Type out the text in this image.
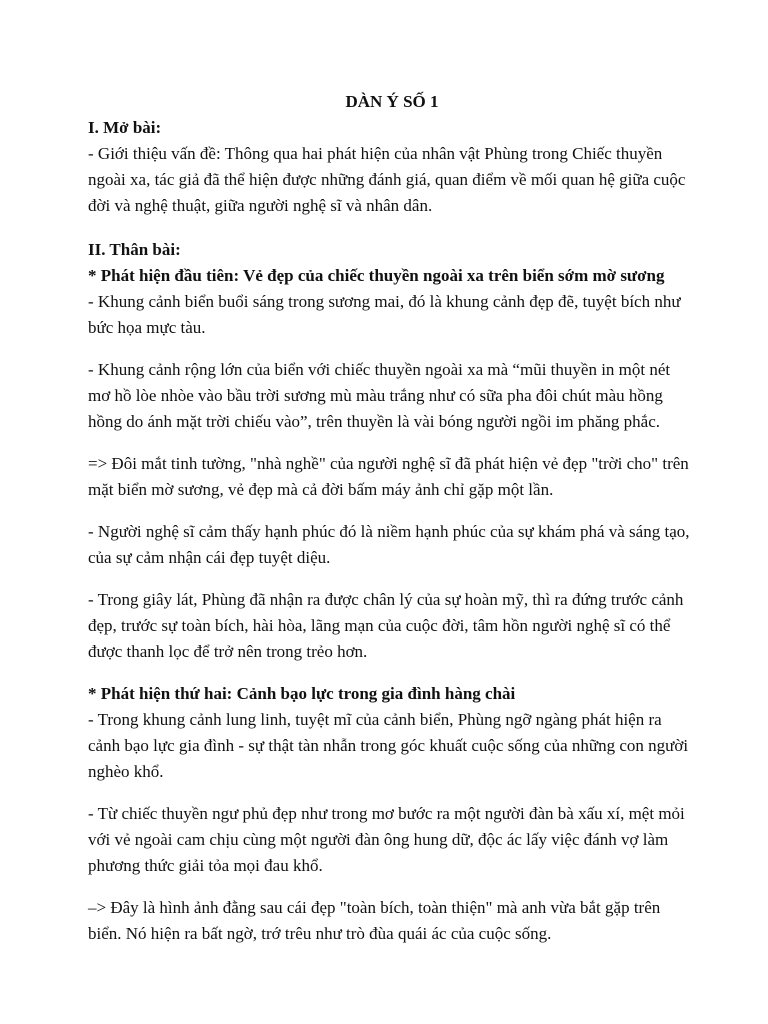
DÀN Ý SỐ 1

I. Mở bài:

- Giới thiệu vấn đề: Thông qua hai phát hiện của nhân vật Phùng trong Chiếc thuyền ngoài xa, tác giả đã thể hiện được những đánh giá, quan điểm về mối quan hệ giữa cuộc đời và nghệ thuật, giữa người nghệ sĩ và nhân dân.

II. Thân bài:

* Phát hiện đầu tiên: Vẻ đẹp của chiếc thuyền ngoài xa trên biển sớm mờ sương

- Khung cảnh biển buổi sáng trong sương mai, đó là khung cảnh đẹp đẽ, tuyệt bích như bức họa mực tàu.

- Khung cảnh rộng lớn của biển với chiếc thuyền ngoài xa mà “mũi thuyền in một nét mơ hồ lòe nhòe vào bầu trời sương mù màu trắng như có sữa pha đôi chút màu hồng hồng do ánh mặt trời chiếu vào”, trên thuyền là vài bóng người ngồi im phăng phắc.

=> Đôi mắt tinh tường, "nhà nghề" của người nghệ sĩ đã phát hiện vẻ đẹp "trời cho" trên mặt biển mờ sương, vẻ đẹp mà cả đời bấm máy ảnh chỉ gặp một lần.

- Người nghệ sĩ cảm thấy hạnh phúc đó là niềm hạnh phúc của sự khám phá và sáng tạo, của sự cảm nhận cái đẹp tuyệt diệu.

- Trong giây lát, Phùng đã nhận ra được chân lý của sự hoàn mỹ, thì ra đứng trước cảnh đẹp, trước sự toàn bích, hài hòa, lãng mạn của cuộc đời, tâm hồn người nghệ sĩ có thể được thanh lọc để trở nên trong trẻo hơn.

* Phát hiện thứ hai: Cảnh bạo lực trong gia đình hàng chài

- Trong khung cảnh lung linh, tuyệt mĩ của cảnh biển, Phùng ngỡ ngàng phát hiện ra cảnh bạo lực gia đình - sự thật tàn nhẫn trong góc khuất cuộc sống của những con người nghèo khổ.

- Từ chiếc thuyền ngư phủ đẹp như trong mơ bước ra một người đàn bà xấu xí, mệt mỏi với vẻ ngoài cam chịu cùng một người đàn ông hung dữ, độc ác lấy việc đánh vợ làm phương thức giải tỏa mọi đau khổ.

–> Đây là hình ảnh đằng sau cái đẹp "toàn bích, toàn thiện" mà anh vừa bắt gặp trên biển. Nó hiện ra bất ngờ, trớ trêu như trò đùa quái ác của cuộc sống.
